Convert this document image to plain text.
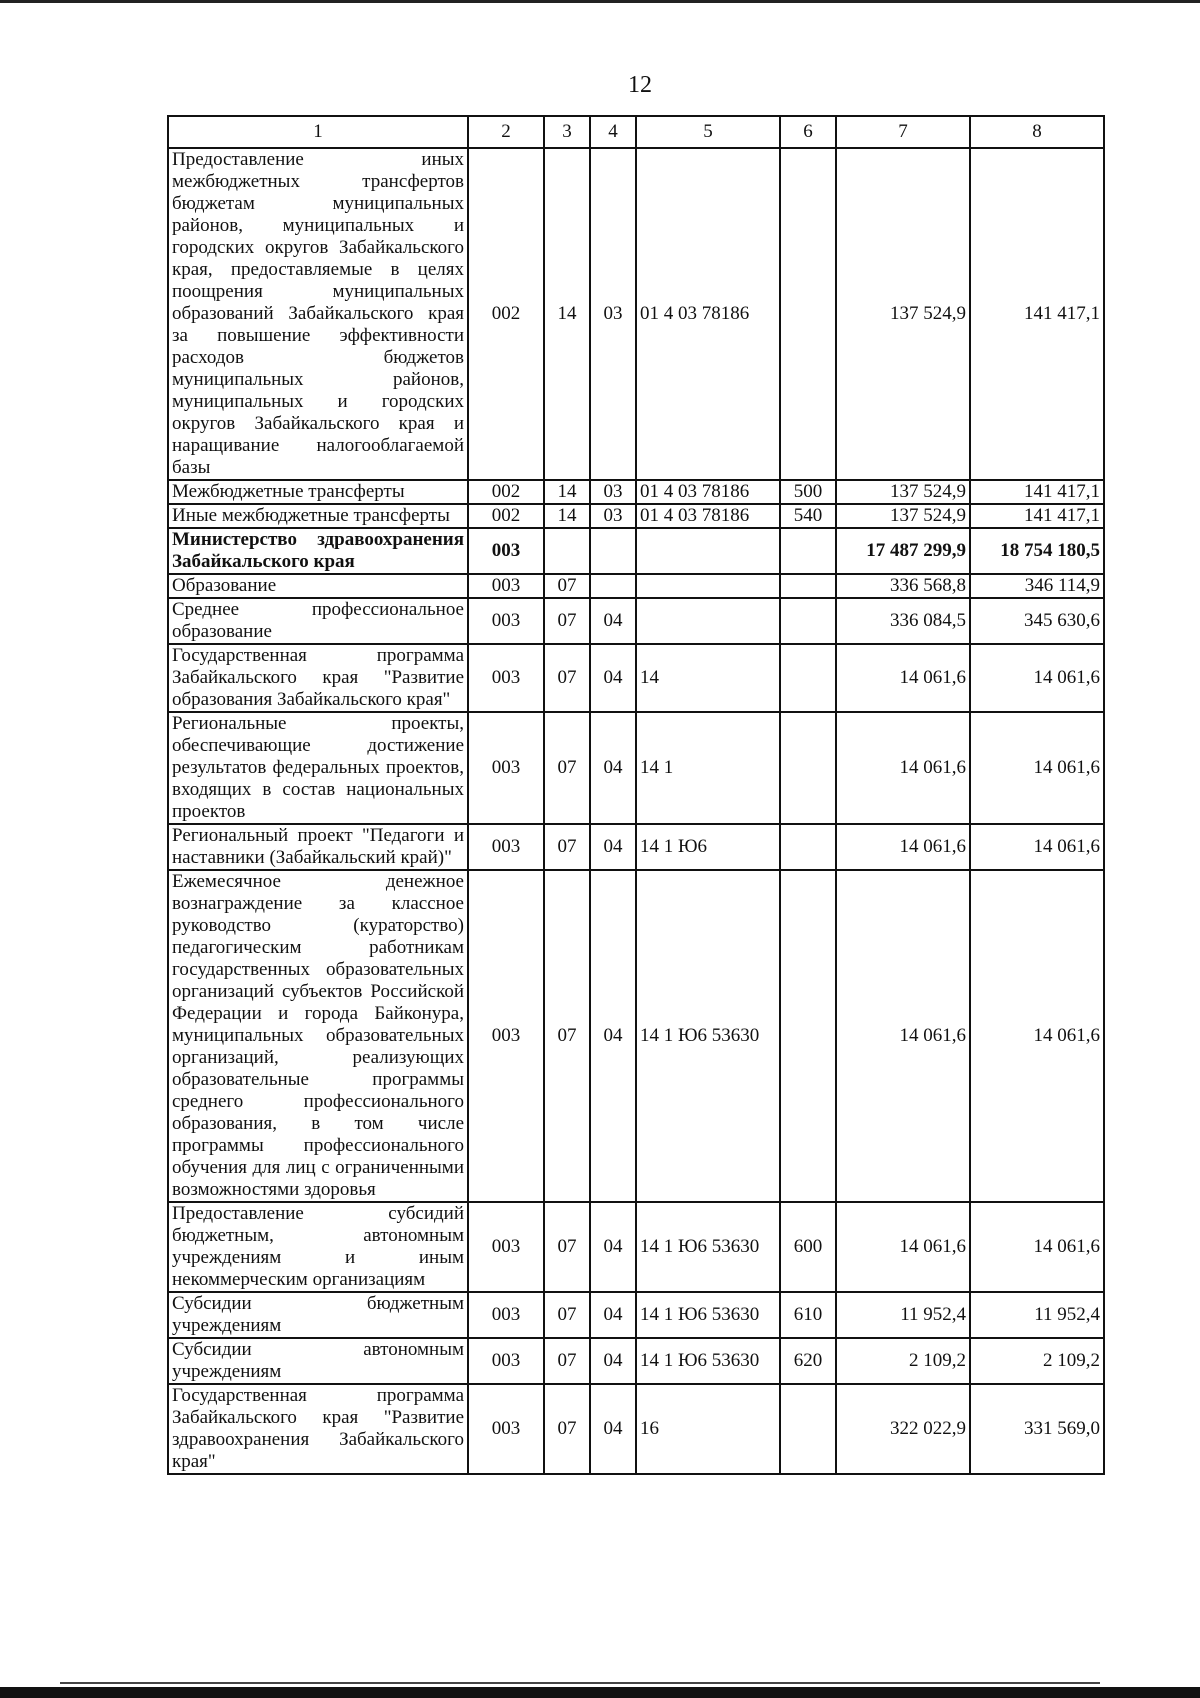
12
1	2	3	4	5	6	7	8
Предоставление иных межбюджетных трансфертов бюджетам муниципальных районов, муниципальных и городских округов Забайкальского края, предоставляемые в целях поощрения муниципальных образований Забайкальского края за повышение эффективности расходов бюджетов муниципальных районов, муниципальных и городских округов Забайкальского края и наращивание налогооблагаемой базы	002	14	03	01 4 03 78186		137 524,9	141 417,1
Межбюджетные трансферты	002	14	03	01 4 03 78186	500	137 524,9	141 417,1
Иные межбюджетные трансферты	002	14	03	01 4 03 78186	540	137 524,9	141 417,1
Министерство здравоохранения Забайкальского края	003					17 487 299,9	18 754 180,5
Образование	003	07				336 568,8	346 114,9
Среднее профессиональное образование	003	07	04			336 084,5	345 630,6
Государственная программа Забайкальского края "Развитие образования Забайкальского края"	003	07	04	14		14 061,6	14 061,6
Региональные проекты, обеспечивающие достижение результатов федеральных проектов, входящих в состав национальных проектов	003	07	04	14 1		14 061,6	14 061,6
Региональный проект "Педагоги и наставники (Забайкальский край)"	003	07	04	14 1 Ю6		14 061,6	14 061,6
Ежемесячное денежное вознаграждение за классное руководство (кураторство) педагогическим работникам государственных образовательных организаций субъектов Российской Федерации и города Байконура, муниципальных образовательных организаций, реализующих образовательные программы среднего профессионального образования, в том числе программы профессионального обучения для лиц с ограниченными возможностями здоровья	003	07	04	14 1 Ю6 53630		14 061,6	14 061,6
Предоставление субсидий бюджетным, автономным учреждениям и иным некоммерческим организациям	003	07	04	14 1 Ю6 53630	600	14 061,6	14 061,6
Субсидии бюджетным учреждениям	003	07	04	14 1 Ю6 53630	610	11 952,4	11 952,4
Субсидии автономным учреждениям	003	07	04	14 1 Ю6 53630	620	2 109,2	2 109,2
Государственная программа Забайкальского края "Развитие здравоохранения Забайкальского края"	003	07	04	16		322 022,9	331 569,0
